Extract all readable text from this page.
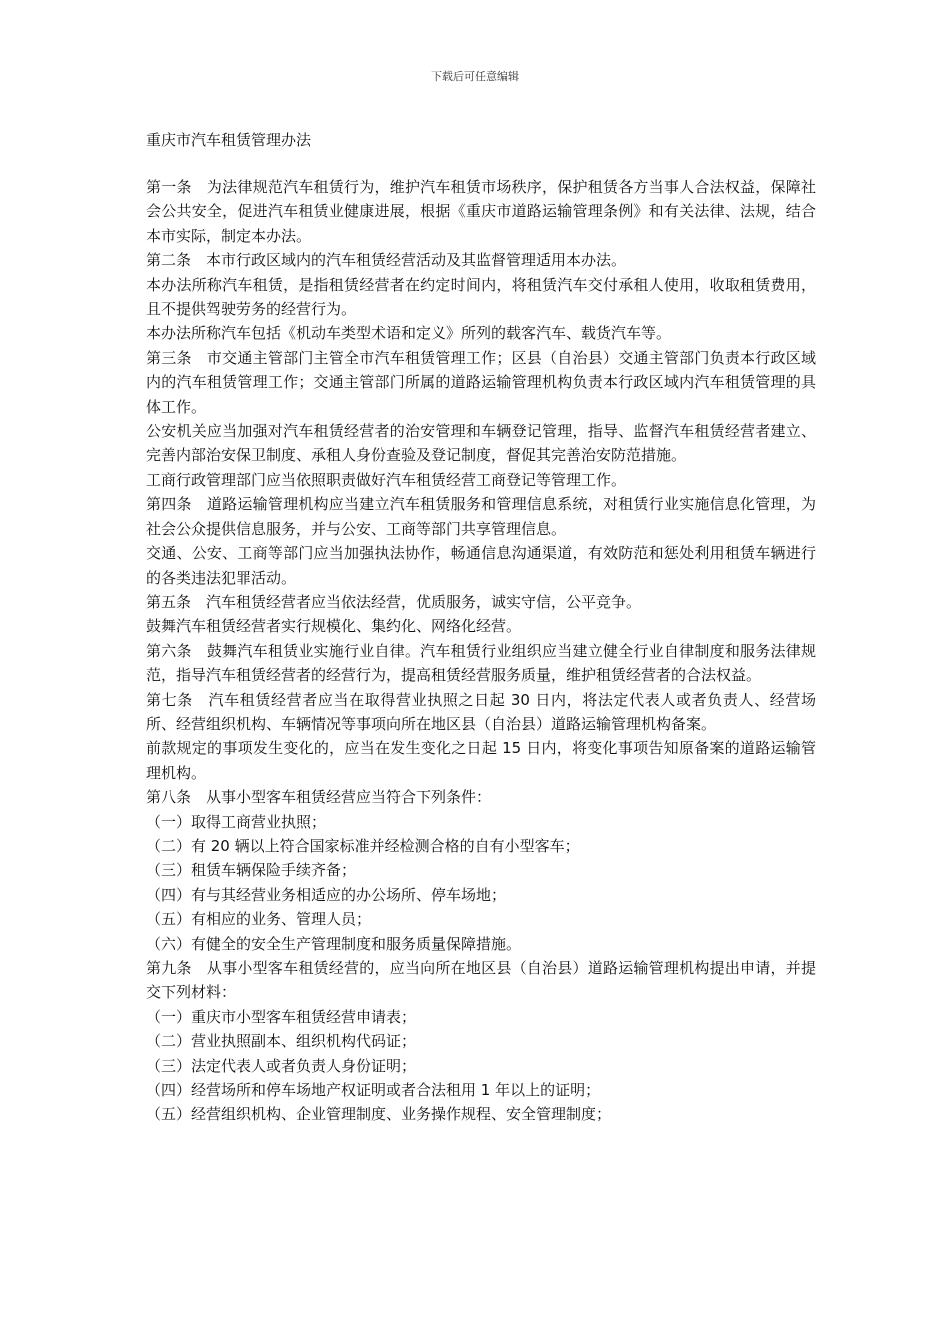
下载后可任意编辑
重庆市汽车租赁管理办法

第一条　为法律规范汽车租赁行为，维护汽车租赁市场秩序，保护租赁各方当事人合法权益，保障社会公共安全，促进汽车租赁业健康进展，根据《重庆市道路运输管理条例》和有关法律、法规，结合本市实际，制定本办法。

第二条　本市行政区域内的汽车租赁经营活动及其监督管理适用本办法。

本办法所称汽车租赁，是指租赁经营者在约定时间内，将租赁汽车交付承租人使用，收取租赁费用，且不提供驾驶劳务的经营行为。

本办法所称汽车包括《机动车类型术语和定义》所列的载客汽车、载货汽车等。

第三条　市交通主管部门主管全市汽车租赁管理工作；区县（自治县）交通主管部门负责本行政区域内的汽车租赁管理工作；交通主管部门所属的道路运输管理机构负责本行政区域内汽车租赁管理的具体工作。

公安机关应当加强对汽车租赁经营者的治安管理和车辆登记管理，指导、监督汽车租赁经营者建立、完善内部治安保卫制度、承租人身份查验及登记制度，督促其完善治安防范措施。

工商行政管理部门应当依照职责做好汽车租赁经营工商登记等管理工作。

第四条　道路运输管理机构应当建立汽车租赁服务和管理信息系统，对租赁行业实施信息化管理，为社会公众提供信息服务，并与公安、工商等部门共享管理信息。

交通、公安、工商等部门应当加强执法协作，畅通信息沟通渠道，有效防范和惩处利用租赁车辆进行的各类违法犯罪活动。

第五条　汽车租赁经营者应当依法经营，优质服务，诚实守信，公平竞争。

鼓舞汽车租赁经营者实行规模化、集约化、网络化经营。

第六条　鼓舞汽车租赁业实施行业自律。汽车租赁行业组织应当建立健全行业自律制度和服务法律规范，指导汽车租赁经营者的经营行为，提高租赁经营服务质量，维护租赁经营者的合法权益。

第七条　汽车租赁经营者应当在取得营业执照之日起 30 日内，将法定代表人或者负责人、经营场所、经营组织机构、车辆情况等事项向所在地区县（自治县）道路运输管理机构备案。

前款规定的事项发生变化的，应当在发生变化之日起 15 日内，将变化事项告知原备案的道路运输管理机构。

第八条　从事小型客车租赁经营应当符合下列条件：

（一）取得工商营业执照；

（二）有 20 辆以上符合国家标准并经检测合格的自有小型客车；

（三）租赁车辆保险手续齐备；

（四）有与其经营业务相适应的办公场所、停车场地；

（五）有相应的业务、管理人员；

（六）有健全的安全生产管理制度和服务质量保障措施。

第九条　从事小型客车租赁经营的，应当向所在地区县（自治县）道路运输管理机构提出申请，并提交下列材料：

（一）重庆市小型客车租赁经营申请表；

（二）营业执照副本、组织机构代码证；

（三）法定代表人或者负责人身份证明；

（四）经营场所和停车场地产权证明或者合法租用 1 年以上的证明；

（五）经营组织机构、企业管理制度、业务操作规程、安全管理制度；
